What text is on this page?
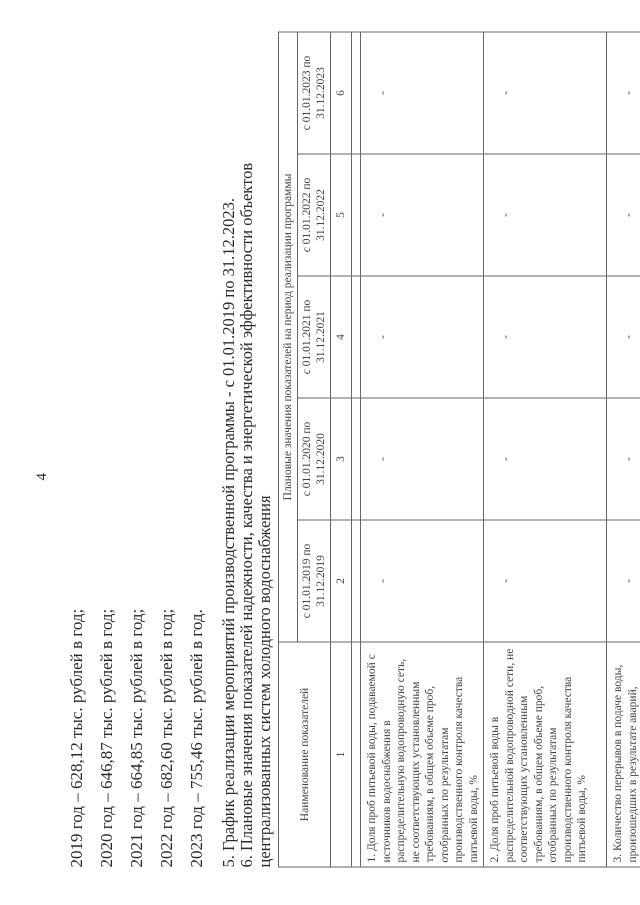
4
2019 год – 628,12 тыс. рублей в год; 2020 год – 646,87 тыс. рублей в год; 2021 год – 664,85 тыс. рублей в год; 2022 год – 682,60 тыс. рублей в год; 2023 год – 755,46 тыс. рублей в год. 5. График реализации мероприятий производственной программы - с 01.01.2019 по 31.12.2023. 6. Плановые значения показателей надежности, качества и энергетической эффективности объектов централизованных систем холодного водоснабжения Наименование показателей	Плановые значения показателей на период реализации программы				
	с 01.01.2019 по 31.12.2019	с 01.01.2020 по 31.12.2020	с 01.01.2021 по 31.12.2021	с 01.01.2022 по 31.12.2022	с 01.01.2023 по 31.12.2023
1	2	3	4	5	6

1. Доля проб питьевой воды, подаваемой с источников водоснабжения в распределительную водопроводную сеть, не соответствующих установленным требованиям, в общем объеме проб, отобранных по результатам производственного контроля качества питьевой воды, %	-	-	-	-	-
2. Доля проб питьевой воды в распределительной водопроводной сети, не соответствующих установленным требованиям, в общем объеме проб, отобранных по результатам производственного контроля качества питьевой воды, %	-	-	-	-	-
3. Количество перерывов в подаче воды, произошедших в результате аварий,	-	-	-	-	-
